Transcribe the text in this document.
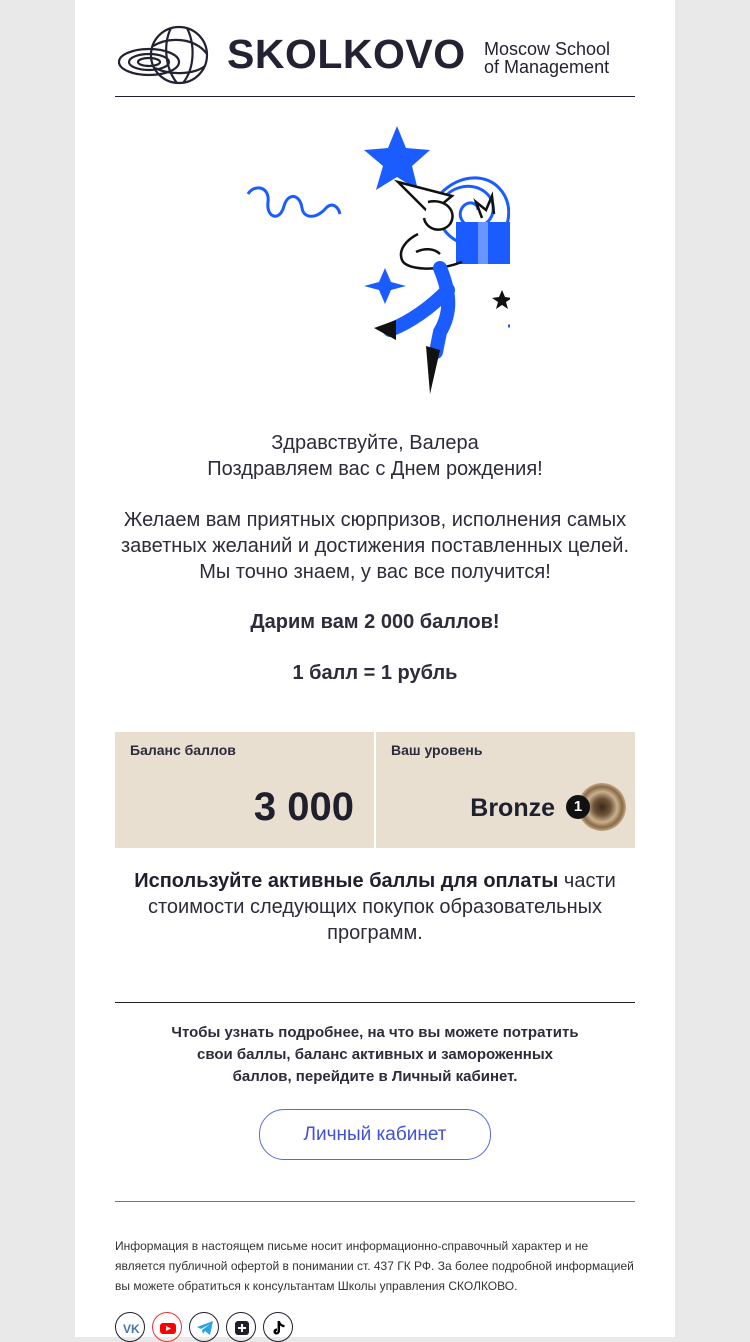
SKOLKOVO Moscow School
of Management
Здравствуйте, Валера
Поздравляем вас с Днем рождения!
Желаем вам приятных сюрпризов, исполнения самых
заветных желаний и достижения поставленных целей.
Мы точно знаем, у вас все получится!
Дарим вам 2 000 баллов!
1 балл = 1 рубль
Баланс баллов
3 000
Ваш уровень
Bronze	1
Используйте активные баллы для оплаты части
стоимости следующих покупок образовательных
программ.
Чтобы узнать подробнее, на что вы можете потратить
свои баллы, баланс активных и замороженных
баллов, перейдите в Личный кабинет.
Личный кабинет
Информация в настоящем письме носит информационно-справочный характер и не является публичной офертой в понимании ст. 437 ГК РФ. За более подробной информацией вы можете обратиться к консультантам Школы управления СКОЛКОВО.
VK
